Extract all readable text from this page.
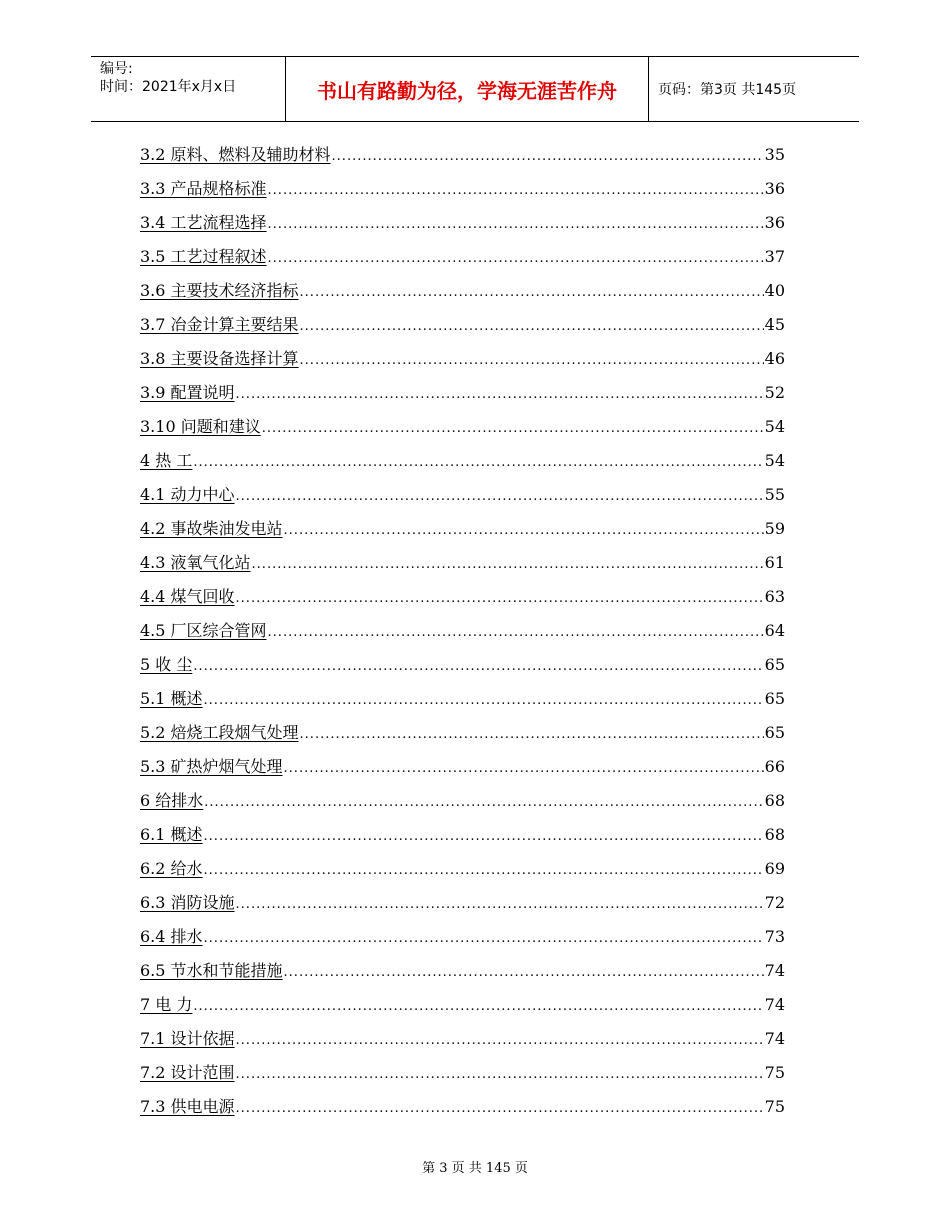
编号:
时间：2021年x月x日	书山有路勤为径，学海无涯苦作舟	页码：第3页 共145页
3.2 原料、燃料及辅助材料 .....	35
3.3 产品规格标准 .....	36
3.4 工艺流程选择 .....	36
3.5 工艺过程叙述 .....	37
3.6 主要技术经济指标 .....	40
3.7 冶金计算主要结果 .....	45
3.8 主要设备选择计算 .....	46
3.9 配置说明 .....	52
3.10 问题和建议 .....	54
4 热 工 .....	54
4.1 动力中心 .....	55
4.2 事故柴油发电站 .....	59
4.3 液氧气化站 .....	61
4.4 煤气回收 .....	63
4.5 厂区综合管网 .....	64
5 收 尘 .....	65
5.1 概述 .....	65
5.2 焙烧工段烟气处理 .....	65
5.3 矿热炉烟气处理 .....	66
6 给排水 .....	68
6.1 概述 .....	68
6.2 给水 .....	69
6.3 消防设施 .....	72
6.4 排水 .....	73
6.5 节水和节能措施 .....	74
7 电 力 .....	74
7.1 设计依据 .....	74
7.2 设计范围 .....	75
7.3 供电电源 .....	75
第 3 页 共 145 页
